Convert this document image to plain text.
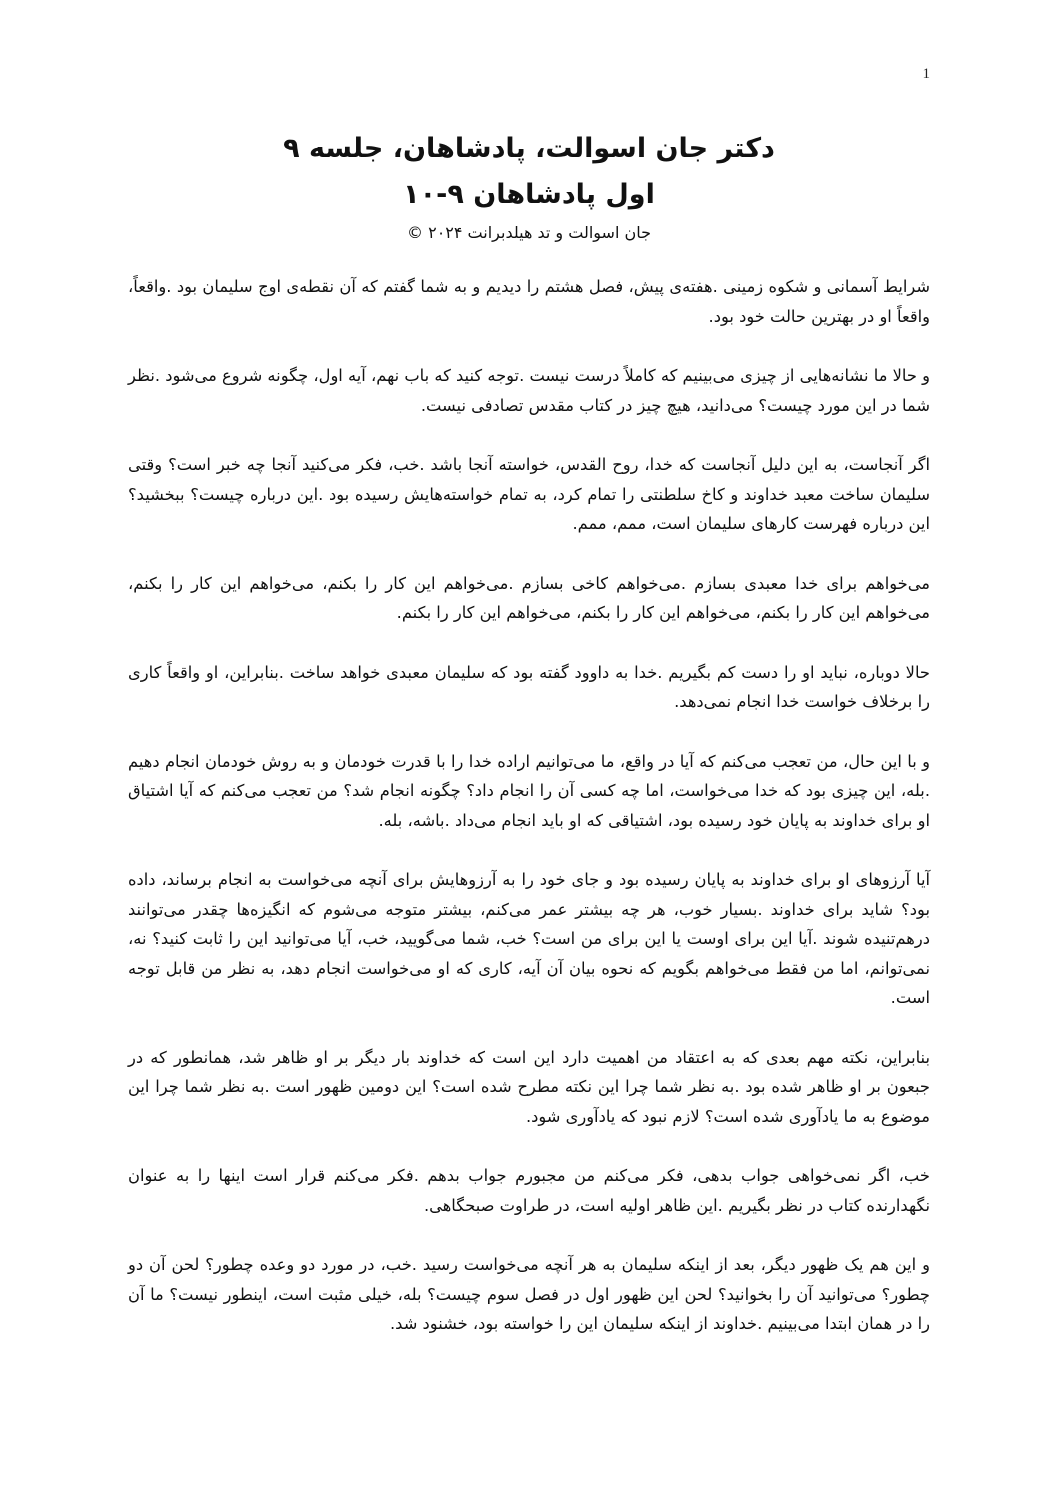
1

دکتر جان اسوالت، پادشاهان، جلسه ۹

اول پادشاهان ۹-۱۰

جان اسوالت و تد هیلدبرانت ۲۰۲۴ ©

شرایط آسمانی و شکوه زمینی .هفته‌ی پیش، فصل هشتم را دیدیم و به شما گفتم که آن نقطه‌ی اوج سلیمان بود .واقعاً، واقعاً او در بهترین حالت خود بود.

و حالا ما نشانه‌هایی از چیزی می‌بینیم که کاملاً درست نیست .توجه کنید که باب نهم، آیه اول، چگونه شروع می‌شود .نظر شما در این مورد چیست؟ می‌دانید، هیچ چیز در کتاب مقدس تصادفی نیست.

اگر آنجاست، به این دلیل آنجاست که خدا، روح القدس، خواسته آنجا باشد .خب، فکر می‌کنید آنجا چه خبر است؟ وقتی سلیمان ساخت معبد خداوند و کاخ سلطنتی را تمام کرد، به تمام خواسته‌هایش رسیده بود .این درباره چیست؟ ببخشید؟ این درباره فهرست کارهای سلیمان است، ممم، ممم.

می‌خواهم برای خدا معبدی بسازم .می‌خواهم کاخی بسازم .می‌خواهم این کار را بکنم، می‌خواهم این کار را بکنم، می‌خواهم این کار را بکنم، می‌خواهم این کار را بکنم، می‌خواهم این کار را بکنم.

حالا دوباره، نباید او را دست کم بگیریم .خدا به داوود گفته بود که سلیمان معبدی خواهد ساخت .بنابراین، او واقعاً کاری را برخلاف خواست خدا انجام نمی‌دهد.

و با این حال، من تعجب می‌کنم که آیا در واقع، ما می‌توانیم اراده خدا را با قدرت خودمان و به روش خودمان انجام دهیم .بله، این چیزی بود که خدا می‌خواست، اما چه کسی آن را انجام داد؟ چگونه انجام شد؟ من تعجب می‌کنم که آیا اشتیاق او برای خداوند به پایان خود رسیده بود، اشتیاقی که او باید انجام می‌داد .باشه، بله.

آیا آرزوهای او برای خداوند به پایان رسیده بود و جای خود را به آرزوهایش برای آنچه می‌خواست به انجام برساند، داده بود؟ شاید برای خداوند .بسیار خوب، هر چه بیشتر عمر می‌کنم، بیشتر متوجه می‌شوم که انگیزه‌ها چقدر می‌توانند درهم‌تنیده شوند .آیا این برای اوست یا این برای من است؟ خب، شما می‌گویید، خب، آیا می‌توانید این را ثابت کنید؟ نه، نمی‌توانم، اما من فقط می‌خواهم بگویم که نحوه بیان آن آیه، کاری که او می‌خواست انجام دهد، به نظر من قابل توجه است.

بنابراین، نکته مهم بعدی که به اعتقاد من اهمیت دارد این است که خداوند بار دیگر بر او ظاهر شد، همانطور که در جبعون بر او ظاهر شده بود .به نظر شما چرا این نکته مطرح شده است؟ این دومین ظهور است .به نظر شما چرا این موضوع به ما یادآوری شده است؟ لازم نبود که یادآوری شود.

خب، اگر نمی‌خواهی جواب بدهی، فکر می‌کنم من مجبورم جواب بدهم .فکر می‌کنم قرار است اینها را به عنوان نگهدارنده کتاب در نظر بگیریم .این ظاهر اولیه است، در طراوت صبحگاهی.

و این هم یک ظهور دیگر، بعد از اینکه سلیمان به هر آنچه می‌خواست رسید .خب، در مورد دو وعده چطور؟ لحن آن دو چطور؟ می‌توانید آن را بخوانید؟ لحن این ظهور اول در فصل سوم چیست؟ بله، خیلی مثبت است، اینطور نیست؟ ما آن را در همان ابتدا می‌بینیم .خداوند از اینکه سلیمان این را خواسته بود، خشنود شد.
